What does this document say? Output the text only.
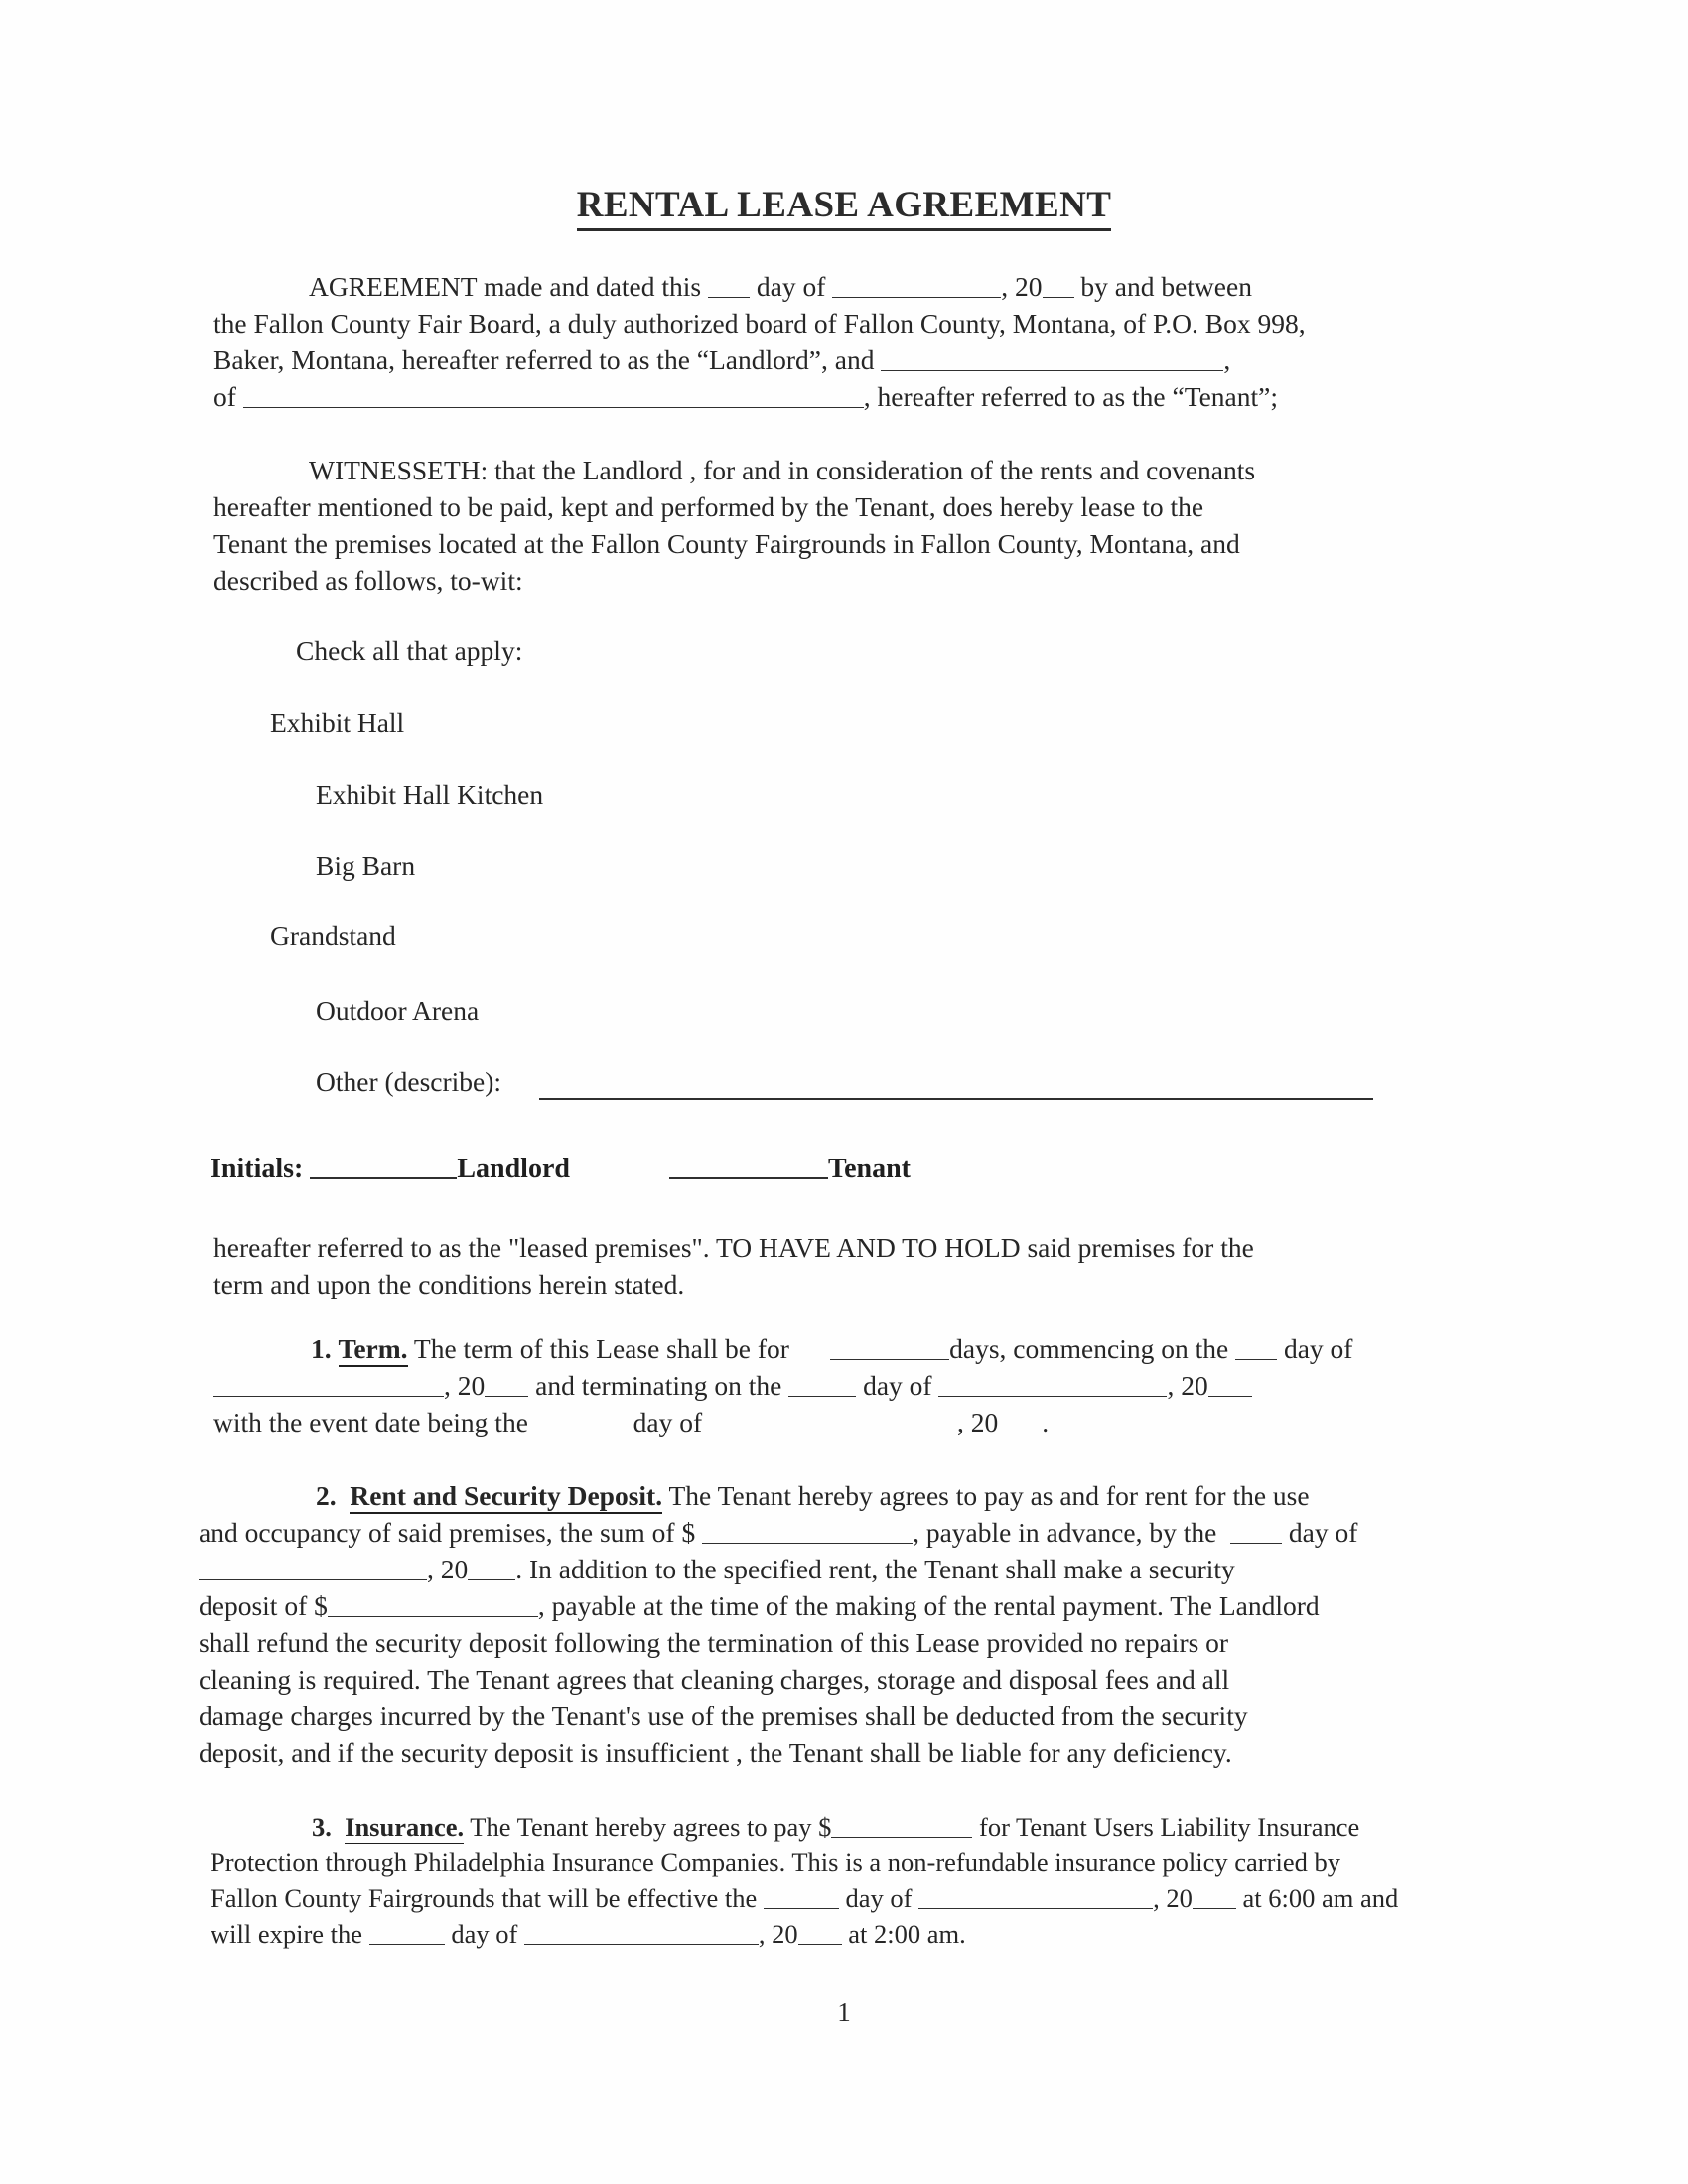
RENTAL LEASE AGREEMENT
AGREEMENT made and dated this  day of	, 20 by and between
the Fallon County Fair Board, a duly authorized board of Fallon County, Montana, of P.O. Box 998,
Baker, Montana, hereafter referred to as the “Landlord”, and	,
of	, hereafter referred to as the “Tenant”;
WITNESSETH: that the Landlord , for and in consideration of the rents and covenants
hereafter mentioned to be paid, kept and performed by the Tenant, does hereby lease to the
Tenant the premises located at the Fallon County Fairgrounds in Fallon County, Montana, and
described as follows, to-wit:
Check all that apply:
Exhibit Hall
Exhibit Hall Kitchen
Big Barn
Grandstand
Outdoor Arena
Other (describe):
Initials:	Landlord	Tenant
hereafter referred to as the "leased premises". TO HAVE AND TO HOLD said premises for the
term and upon the conditions herein stated.
1. Term. The term of this Lease shall be for	days, commencing on the  day of
, 20 and terminating on the  day of	, 20
with the event date being the	day of	, 20 .
2. Rent and Security Deposit. The Tenant hereby agrees to pay as and for rent for the use
and occupancy of said premises, the sum of $	, payable in advance, by the   day of
, 20 . In addition to the specified rent, the Tenant shall make a security
deposit of $	, payable at the time of the making of the rental payment. The Landlord
shall refund the security deposit following the termination of this Lease provided no repairs or
cleaning is required. The Tenant agrees that cleaning charges, storage and disposal fees and all
damage charges incurred by the Tenant's use of the premises shall be deducted from the security
deposit, and if the security deposit is insufficient , the Tenant shall be liable for any deficiency.
3. Insurance. The Tenant hereby agrees to pay $	for Tenant Users Liability Insurance
Protection through Philadelphia Insurance Companies. This is a non-refundable insurance policy carried by
Fallon County Fairgrounds that will be effective the	day of	, 20 at 6:00 am and
will expire the	day of	, 20 at 2:00 am.
1
